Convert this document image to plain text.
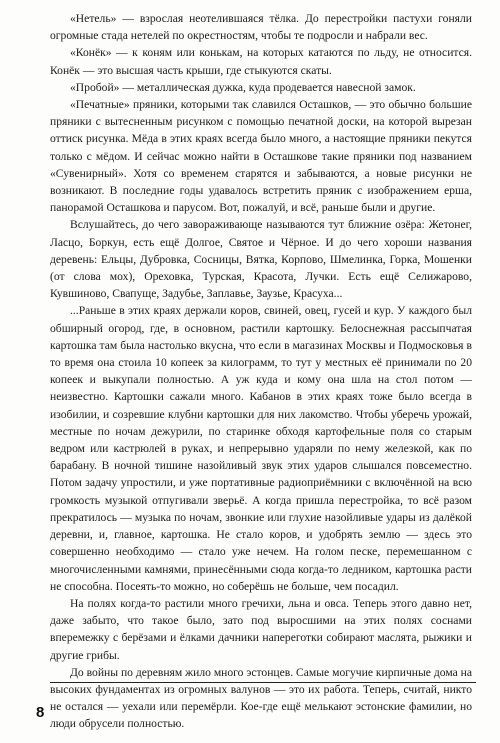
«Нетель» — взрослая неотелившаяся тёлка. До перестройки пастухи гоняли огромные стада нетелей по окрестностям, чтобы те подросли и набрали вес.

«Конёк» — к коням или конькам, на которых катаются по льду, не относится. Конёк — это высшая часть крыши, где стыкуются скаты.

«Пробой» — металлическая дужка, куда продевается навесной замок.

«Печатные» пряники, которыми так славился Осташков, — это обычно большие пряники с вытесненным рисунком с помощью печатной доски, на которой вырезан оттиск рисунка. Мёда в этих краях всегда было много, а настоящие пряники пекутся только с мёдом. И сейчас можно найти в Осташкове такие пряники под названием «Сувенирный». Хотя со временем старятся и забываются, а новые рисунки не возникают. В последние годы удавалось встретить пряник с изображением ерша, панорамой Осташкова и парусом. Вот, пожалуй, и всё, раньше были и другие.

Вслушайтесь, до чего завораживающе называются тут ближние озёра: Жетонег, Ласцо, Боркун, есть ещё Долгое, Святое и Чёрное. И до чего хороши названия деревень: Ельцы, Дубровка, Сосницы, Вятка, Корпово, Шмелинка, Горка, Мошенки (от слова мох), Ореховка, Турская, Красота, Лучки. Есть ещё Селижарово, Кувшиново, Свапуще, Задубье, Заплавье, Заузье, Красуха...

...Раньше в этих краях держали коров, свиней, овец, гусей и кур. У каждого был обширный огород, где, в основном, растили картошку. Белоснежная рассыпчатая картошка там была настолько вкусна, что если в магазинах Москвы и Подмосковья в то время она стоила 10 копеек за килограмм, то тут у местных её принимали по 20 копеек и выкупали полностью. А уж куда и кому она шла на стол потом — неизвестно. Картошки сажали много. Кабанов в этих краях тоже было всегда в изобилии, и созревшие клубни картошки для них лакомство. Чтобы уберечь урожай, местные по ночам дежурили, по старинке обходя картофельные поля со старым ведром или кастрюлей в руках, и непрерывно ударяли по нему железкой, как по барабану. В ночной тишине назойливый звук этих ударов слышался повсеместно. Потом задачу упростили, и уже портативные радиоприёмники с включённой на всю громкость музыкой отпугивали зверьё. А когда пришла перестройка, то всё разом прекратилось — музыка по ночам, звонкие или глухие назойливые удары из далёкой деревни, и, главное, картошка. Не стало коров, и удобрять землю — здесь это совершенно необходимо — стало уже нечем. На голом песке, перемешанном с многочисленными камнями, принесёнными сюда когда-то ледником, картошка расти не способна. Посеять-то можно, но соберёшь не больше, чем посадил.

На полях когда-то растили много гречихи, льна и овса. Теперь этого давно нет, даже забыто, что такое было, зато под выросшими на этих полях соснами вперемежку с берёзами и ёлками дачники напереготки собирают маслята, рыжики и другие грибы.

До войны по деревням жило много эстонцев. Самые могучие кирпичные дома на высоких фундаментах из огромных валунов — это их работа. Теперь, считай, никто не остался — уехали или перемёрли. Кое-где ещё мелькают эстонские фамилии, но люди обрусели полностью.

8
